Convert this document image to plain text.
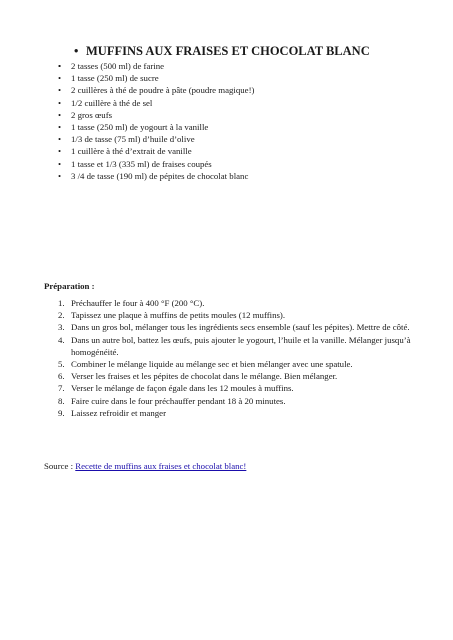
• MUFFINS AUX FRAISES ET CHOCOLAT BLANC
• 2 tasses (500 ml) de farine
• 1 tasse (250 ml) de sucre
• 2 cuillères à thé de poudre à pâte (poudre magique!)
• 1/2 cuillère à thé de sel
• 2 gros œufs
• 1 tasse (250 ml) de yogourt à la vanille
• 1/3 de tasse (75 ml) d’huile d’olive
• 1 cuillère à thé d’extrait de vanille
• 1 tasse et 1/3 (335 ml) de fraises coupés
• 3 /4 de tasse (190 ml) de pépites de chocolat blanc
Préparation :
1. Préchauffer le four à 400 °F (200 °C).
2. Tapissez une plaque à muffins de petits moules (12 muffins).
3. Dans un gros bol, mélanger tous les ingrédients secs ensemble (sauf les pépites). Mettre de côté.
4. Dans un autre bol, battez les œufs, puis ajouter le yogourt, l’huile et la vanille. Mélanger jusqu’à homogénéité.
5. Combiner le mélange liquide au mélange sec et bien mélanger avec une spatule.
6. Verser les fraises et les pépites de chocolat dans le mélange. Bien mélanger.
7. Verser le mélange de façon égale dans les 12 moules à muffins.
8. Faire cuire dans le four préchauffer pendant 18 à 20 minutes.
9. Laissez refroidir et manger
Source : Recette de muffins aux fraises et chocolat blanc!
